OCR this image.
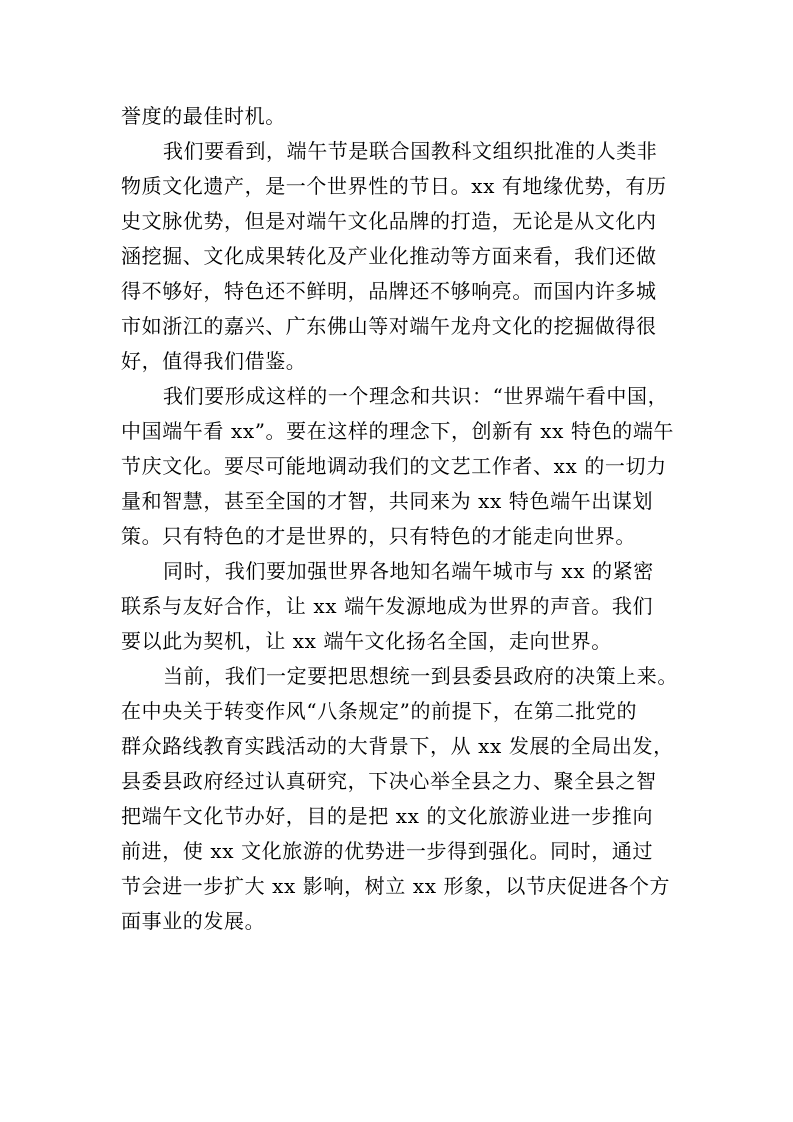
誉度的最佳时机。
我们要看到，端午节是联合国教科文组织批准的人类非
物质文化遗产，是一个世界性的节日。xx 有地缘优势，有历
史文脉优势，但是对端午文化品牌的打造，无论是从文化内
涵挖掘、文化成果转化及产业化推动等方面来看，我们还做
得不够好，特色还不鲜明，品牌还不够响亮。而国内许多城
市如浙江的嘉兴、广东佛山等对端午龙舟文化的挖掘做得很
好，值得我们借鉴。
我们要形成这样的一个理念和共识：“世界端午看中国，
中国端午看 xx”。要在这样的理念下，创新有 xx 特色的端午
节庆文化。要尽可能地调动我们的文艺工作者、xx 的一切力
量和智慧，甚至全国的才智，共同来为 xx 特色端午出谋划
策。只有特色的才是世界的，只有特色的才能走向世界。
同时，我们要加强世界各地知名端午城市与 xx 的紧密
联系与友好合作，让 xx 端午发源地成为世界的声音。我们
要以此为契机，让 xx 端午文化扬名全国，走向世界。
当前，我们一定要把思想统一到县委县政府的决策上来。
在中央关于转变作风“八条规定”的前提下，在第二批党的
群众路线教育实践活动的大背景下，从 xx 发展的全局出发，
县委县政府经过认真研究，下决心举全县之力、聚全县之智
把端午文化节办好，目的是把 xx 的文化旅游业进一步推向
前进，使 xx 文化旅游的优势进一步得到强化。同时，通过
节会进一步扩大 xx 影响，树立 xx 形象，以节庆促进各个方
面事业的发展。
